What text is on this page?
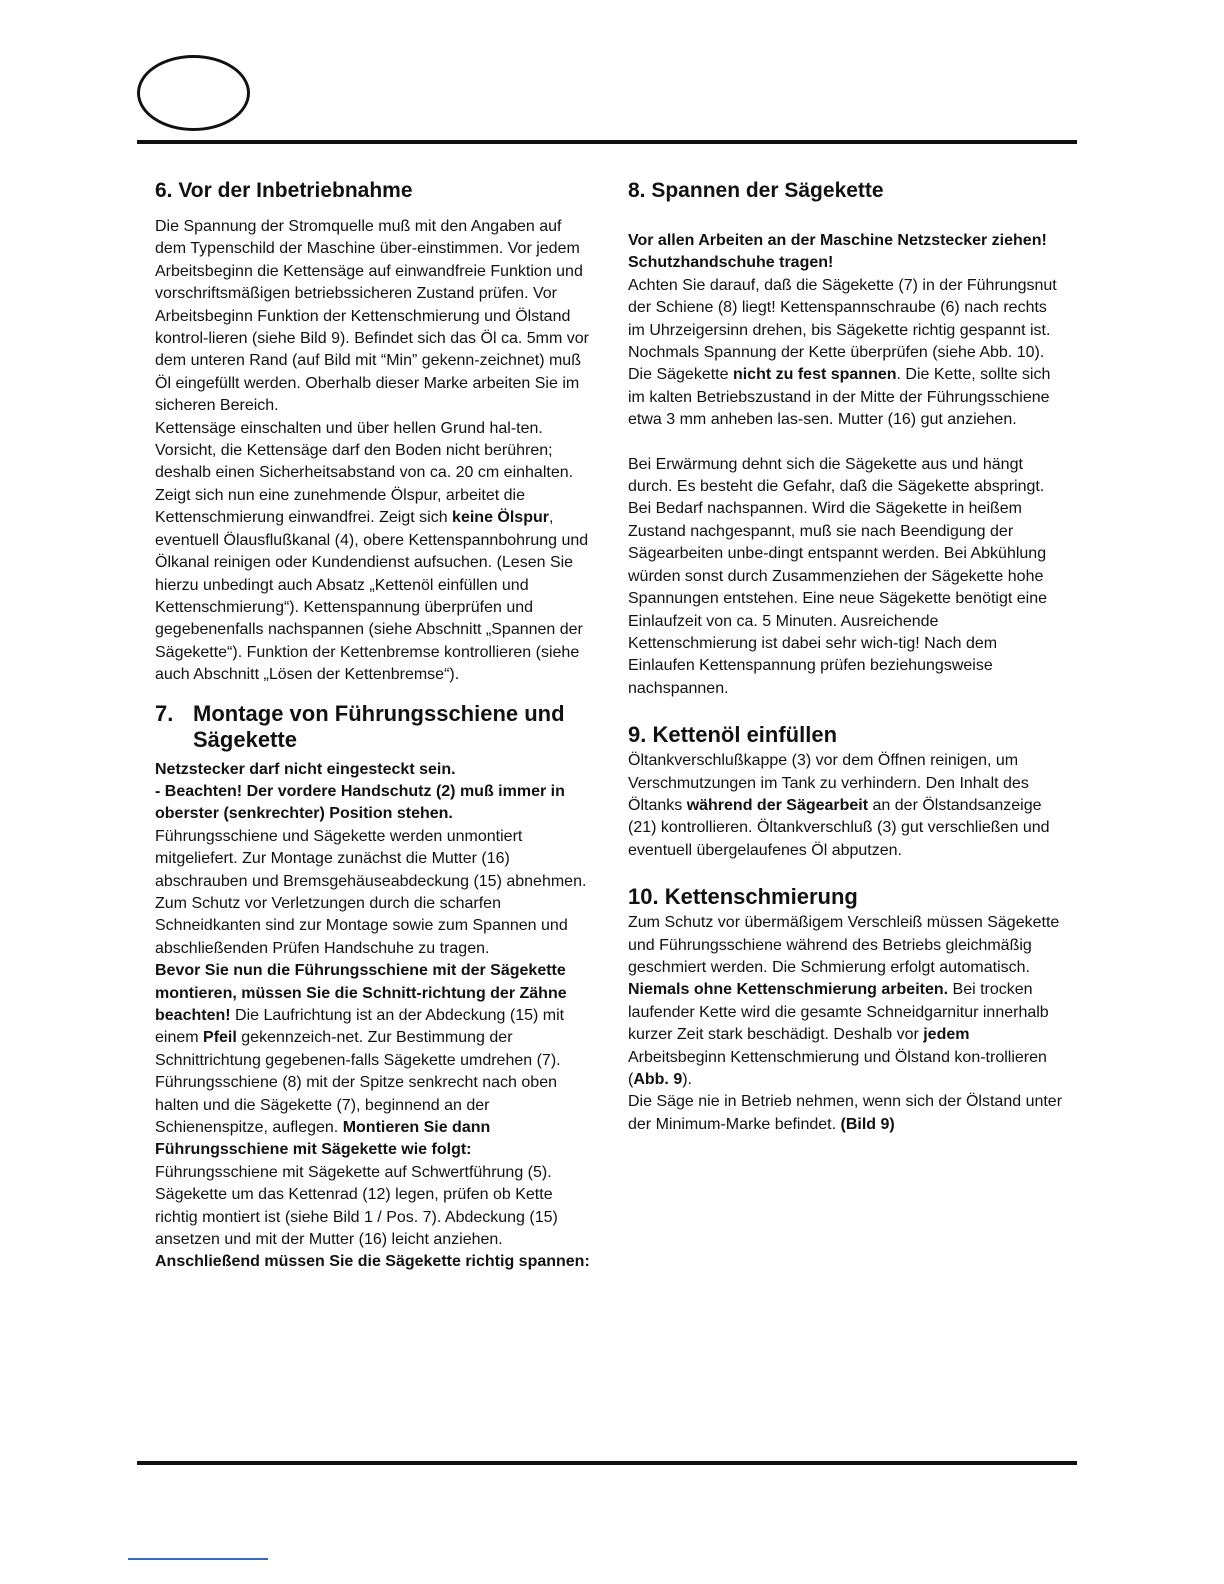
6. Vor der Inbetriebnahme

Die Spannung der Stromquelle muß mit den Angaben auf dem Typenschild der Maschine über-einstimmen. Vor jedem Arbeitsbeginn die Kettensäge auf einwandfreie Funktion und vorschriftsmäßigen betriebssicheren Zustand prüfen. Vor Arbeitsbeginn Funktion der Kettenschmierung und Ölstand kontrol-lieren (siehe Bild 9). Befindet sich das Öl ca. 5mm vor dem unteren Rand (auf Bild mit “Min” gekenn-zeichnet) muß Öl eingefüllt werden. Oberhalb dieser Marke arbeiten Sie im sicheren Bereich.

Kettensäge einschalten und über hellen Grund hal-ten. Vorsicht, die Kettensäge darf den Boden nicht berühren; deshalb einen Sicherheitsabstand von ca. 20 cm einhalten. Zeigt sich nun eine zunehmende Ölspur, arbeitet die Kettenschmierung einwandfrei. Zeigt sich keine Ölspur, eventuell Ölausflußkanal (4), obere Kettenspannbohrung und Ölkanal reinigen oder Kundendienst aufsuchen. (Lesen Sie hierzu unbedingt auch Absatz „Kettenöl einfüllen und Kettenschmierung“). Kettenspannung überprüfen und gegebenenfalls nachspannen (siehe Abschnitt „Spannen der Sägekette“). Funktion der Kettenbremse kontrollieren (siehe auch Abschnitt „Lösen der Kettenbremse“).

7. Montage von Führungsschiene und Sägekette

Netzstecker darf nicht eingesteckt sein.

- Beachten! Der vordere Handschutz (2) muß immer in oberster (senkrechter) Position stehen.

Führungsschiene und Sägekette werden unmontiert mitgeliefert. Zur Montage zunächst die Mutter (16) abschrauben und Bremsgehäuseabdeckung (15) abnehmen. Zum Schutz vor Verletzungen durch die scharfen Schneidkanten sind zur Montage sowie zum Spannen und abschließenden Prüfen Handschuhe zu tragen.

Bevor Sie nun die Führungsschiene mit der Sägekette montieren, müssen Sie die Schnitt-richtung der Zähne beachten! Die Laufrichtung ist an der Abdeckung (15) mit einem Pfeil gekennzeich-net. Zur Bestimmung der Schnittrichtung gegebenen-falls Sägekette umdrehen (7). Führungsschiene (8) mit der Spitze senkrecht nach oben halten und die Sägekette (7), beginnend an der Schienenspitze, auflegen. Montieren Sie dann Führungsschiene mit Sägekette wie folgt: Führungsschiene mit Sägekette auf Schwertführung (5). Sägekette um das Kettenrad (12) legen, prüfen ob Kette richtig montiert ist (siehe Bild 1 / Pos. 7). Abdeckung (15) ansetzen und mit der Mutter (16) leicht anziehen.

Anschließend müssen Sie die Sägekette richtig spannen:

8. Spannen der Sägekette

Vor allen Arbeiten an der Maschine Netzstecker ziehen!

Schutzhandschuhe tragen!

Achten Sie darauf, daß die Sägekette (7) in der Führungsnut der Schiene (8) liegt! Kettenspannschraube (6) nach rechts im Uhrzeigersinn drehen, bis Sägekette richtig gespannt ist. Nochmals Spannung der Kette überprüfen (siehe Abb. 10). Die Sägekette nicht zu fest spannen. Die Kette, sollte sich im kalten Betriebszustand in der Mitte der Führungsschiene etwa 3 mm anheben las-sen. Mutter (16) gut anziehen.

Bei Erwärmung dehnt sich die Sägekette aus und hängt durch. Es besteht die Gefahr, daß die Sägekette abspringt. Bei Bedarf nachspannen. Wird die Sägekette in heißem Zustand nachgespannt, muß sie nach Beendigung der Sägearbeiten unbe-dingt entspannt werden. Bei Abkühlung würden sonst durch Zusammenziehen der Sägekette hohe Spannungen entstehen. Eine neue Sägekette benötigt eine Einlaufzeit von ca. 5 Minuten. Ausreichende Kettenschmierung ist dabei sehr wich-tig! Nach dem Einlaufen Kettenspannung prüfen beziehungsweise nachspannen.

9. Kettenöl einfüllen

Öltankverschlußkappe (3) vor dem Öffnen reinigen, um Verschmutzungen im Tank zu verhindern. Den Inhalt des Öltanks während der Sägearbeit an der Ölstandsanzeige (21) kontrollieren. Öltankverschluß (3) gut verschließen und eventuell übergelaufenes Öl abputzen.

10. Kettenschmierung

Zum Schutz vor übermäßigem Verschleiß müssen Sägekette und Führungsschiene während des Betriebs gleichmäßig geschmiert werden. Die Schmierung erfolgt automatisch. Niemals ohne Kettenschmierung arbeiten. Bei trocken laufender Kette wird die gesamte Schneidgarnitur innerhalb kurzer Zeit stark beschädigt. Deshalb vor jedem Arbeitsbeginn Kettenschmierung und Ölstand kon-trollieren (Abb. 9).

Die Säge nie in Betrieb nehmen, wenn sich der Ölstand unter der Minimum-Marke befindet. (Bild 9)
